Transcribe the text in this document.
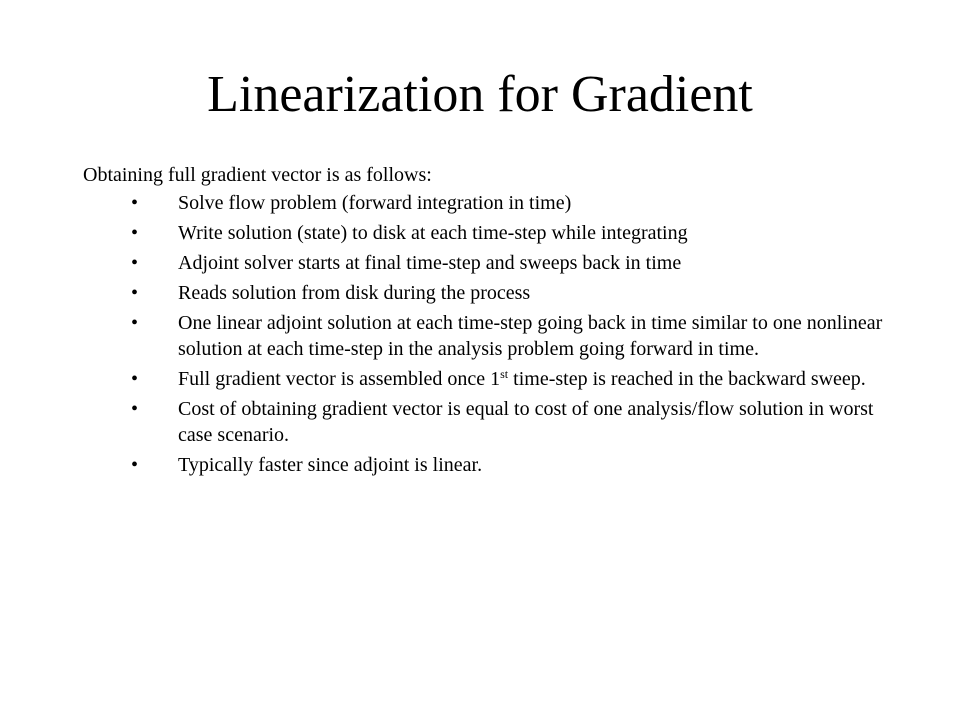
Linearization for Gradient

Obtaining full gradient vector is as follows:

• Solve flow problem (forward integration in time)
• Write solution (state) to disk at each time-step while integrating
• Adjoint solver starts at final time-step and sweeps back in time
• Reads solution from disk during the process
• One linear adjoint solution at each time-step going back in time similar to one nonlinear solution at each time-step in the analysis problem going forward in time.
• Full gradient vector is assembled once 1st time-step is reached in the backward sweep.
• Cost of obtaining gradient vector is equal to cost of one analysis/flow solution in worst case scenario.
• Typically faster since adjoint is linear.
